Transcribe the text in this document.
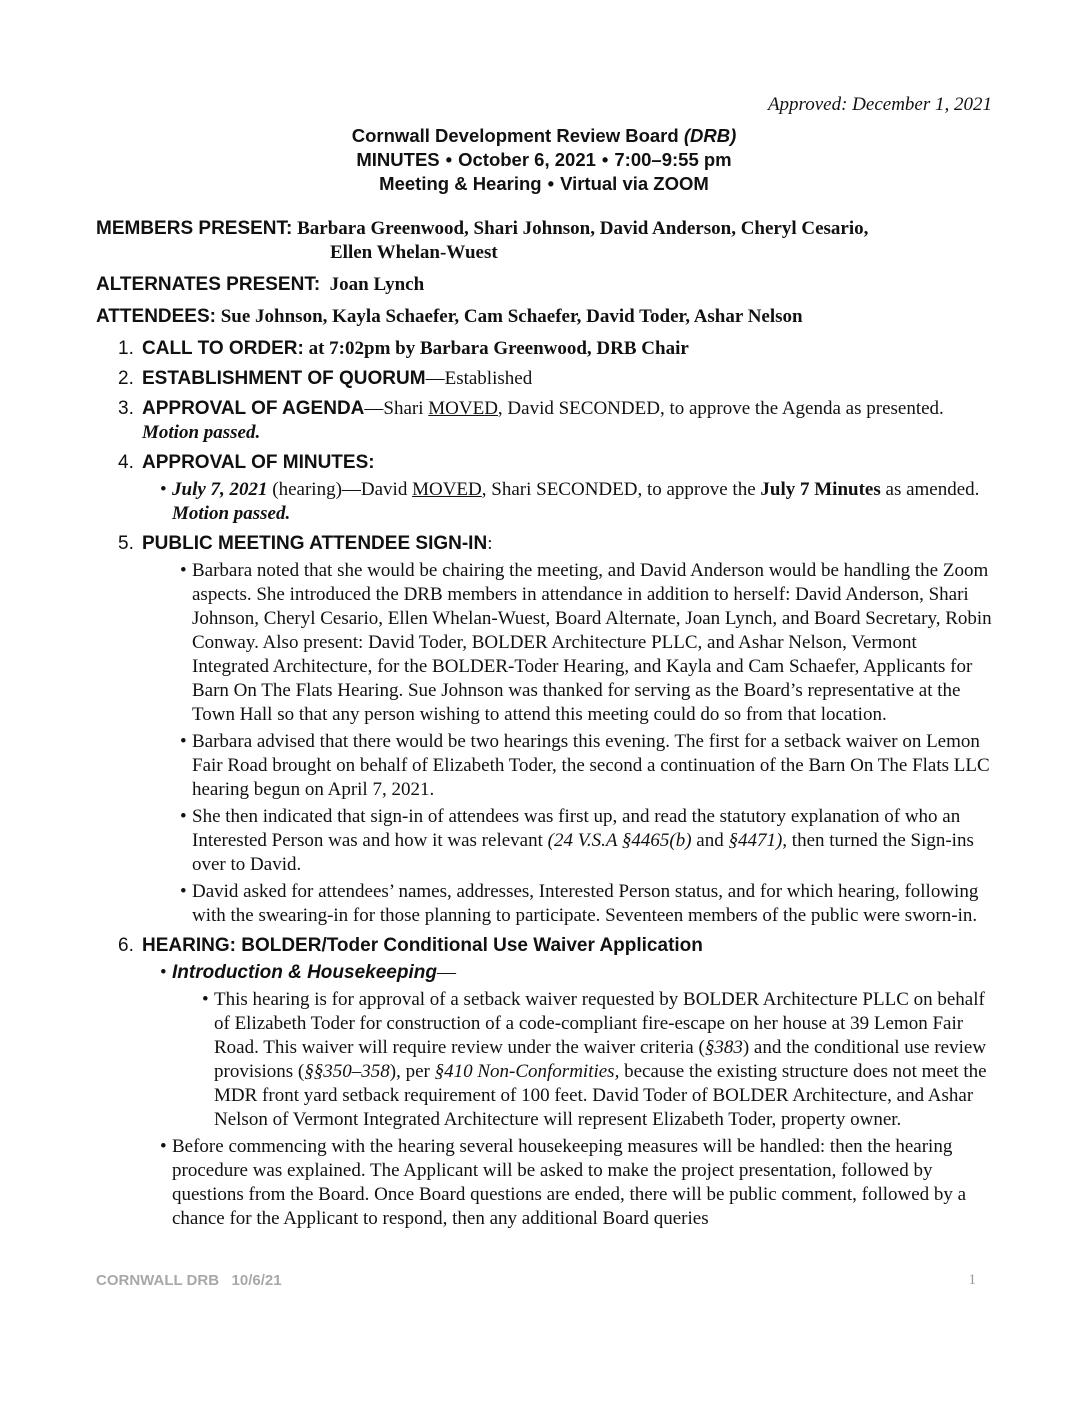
Approved: December 1, 2021
Cornwall Development Review Board (DRB)
MINUTES • October 6, 2021 • 7:00–9:55 pm
Meeting & Hearing • Virtual via ZOOM
MEMBERS PRESENT: Barbara Greenwood, Shari Johnson, David Anderson, Cheryl Cesario,
Ellen Whelan-Wuest
ALTERNATES PRESENT: Joan Lynch
ATTENDEES: Sue Johnson, Kayla Schaefer, Cam Schaefer, David Toder, Ashar Nelson
1. CALL TO ORDER: at 7:02pm by Barbara Greenwood, DRB Chair
2. ESTABLISHMENT OF QUORUM—Established
3. APPROVAL OF AGENDA—Shari MOVED, David SECONDED, to approve the Agenda as presented. Motion passed.
4. APPROVAL OF MINUTES:
• July 7, 2021 (hearing)—David MOVED, Shari SECONDED, to approve the July 7 Minutes as amended. Motion passed.
5. PUBLIC MEETING ATTENDEE SIGN-IN:
• Barbara noted that she would be chairing the meeting, and David Anderson would be handling the Zoom aspects. She introduced the DRB members in attendance in addition to herself: David Anderson, Shari Johnson, Cheryl Cesario, Ellen Whelan-Wuest, Board Alternate, Joan Lynch, and Board Secretary, Robin Conway. Also present: David Toder, BOLDER Architecture PLLC, and Ashar Nelson, Vermont Integrated Architecture, for the BOLDER-Toder Hearing, and Kayla and Cam Schaefer, Applicants for Barn On The Flats Hearing. Sue Johnson was thanked for serving as the Board’s representative at the Town Hall so that any person wishing to attend this meeting could do so from that location.
• Barbara advised that there would be two hearings this evening. The first for a setback waiver on Lemon Fair Road brought on behalf of Elizabeth Toder, the second a continuation of the Barn On The Flats LLC hearing begun on April 7, 2021.
• She then indicated that sign-in of attendees was first up, and read the statutory explanation of who an Interested Person was and how it was relevant (24 V.S.A §4465(b) and §4471), then turned the Sign-ins over to David.
• David asked for attendees’ names, addresses, Interested Person status, and for which hearing, following with the swearing-in for those planning to participate. Seventeen members of the public were sworn-in.
6. HEARING: BOLDER/Toder Conditional Use Waiver Application
• Introduction & Housekeeping—
• This hearing is for approval of a setback waiver requested by BOLDER Architecture PLLC on behalf of Elizabeth Toder for construction of a code-compliant fire-escape on her house at 39 Lemon Fair Road. This waiver will require review under the waiver criteria (§383) and the conditional use review provisions (§§350–358), per §410 Non-Conformities, because the existing structure does not meet the MDR front yard setback requirement of 100 feet. David Toder of BOLDER Architecture, and Ashar Nelson of Vermont Integrated Architecture will represent Elizabeth Toder, property owner.
• Before commencing with the hearing several housekeeping measures will be handled: then the hearing procedure was explained. The Applicant will be asked to make the project presentation, followed by questions from the Board. Once Board questions are ended, there will be public comment, followed by a chance for the Applicant to respond, then any additional Board queries
CORNWALL DRB   10/6/21	1
